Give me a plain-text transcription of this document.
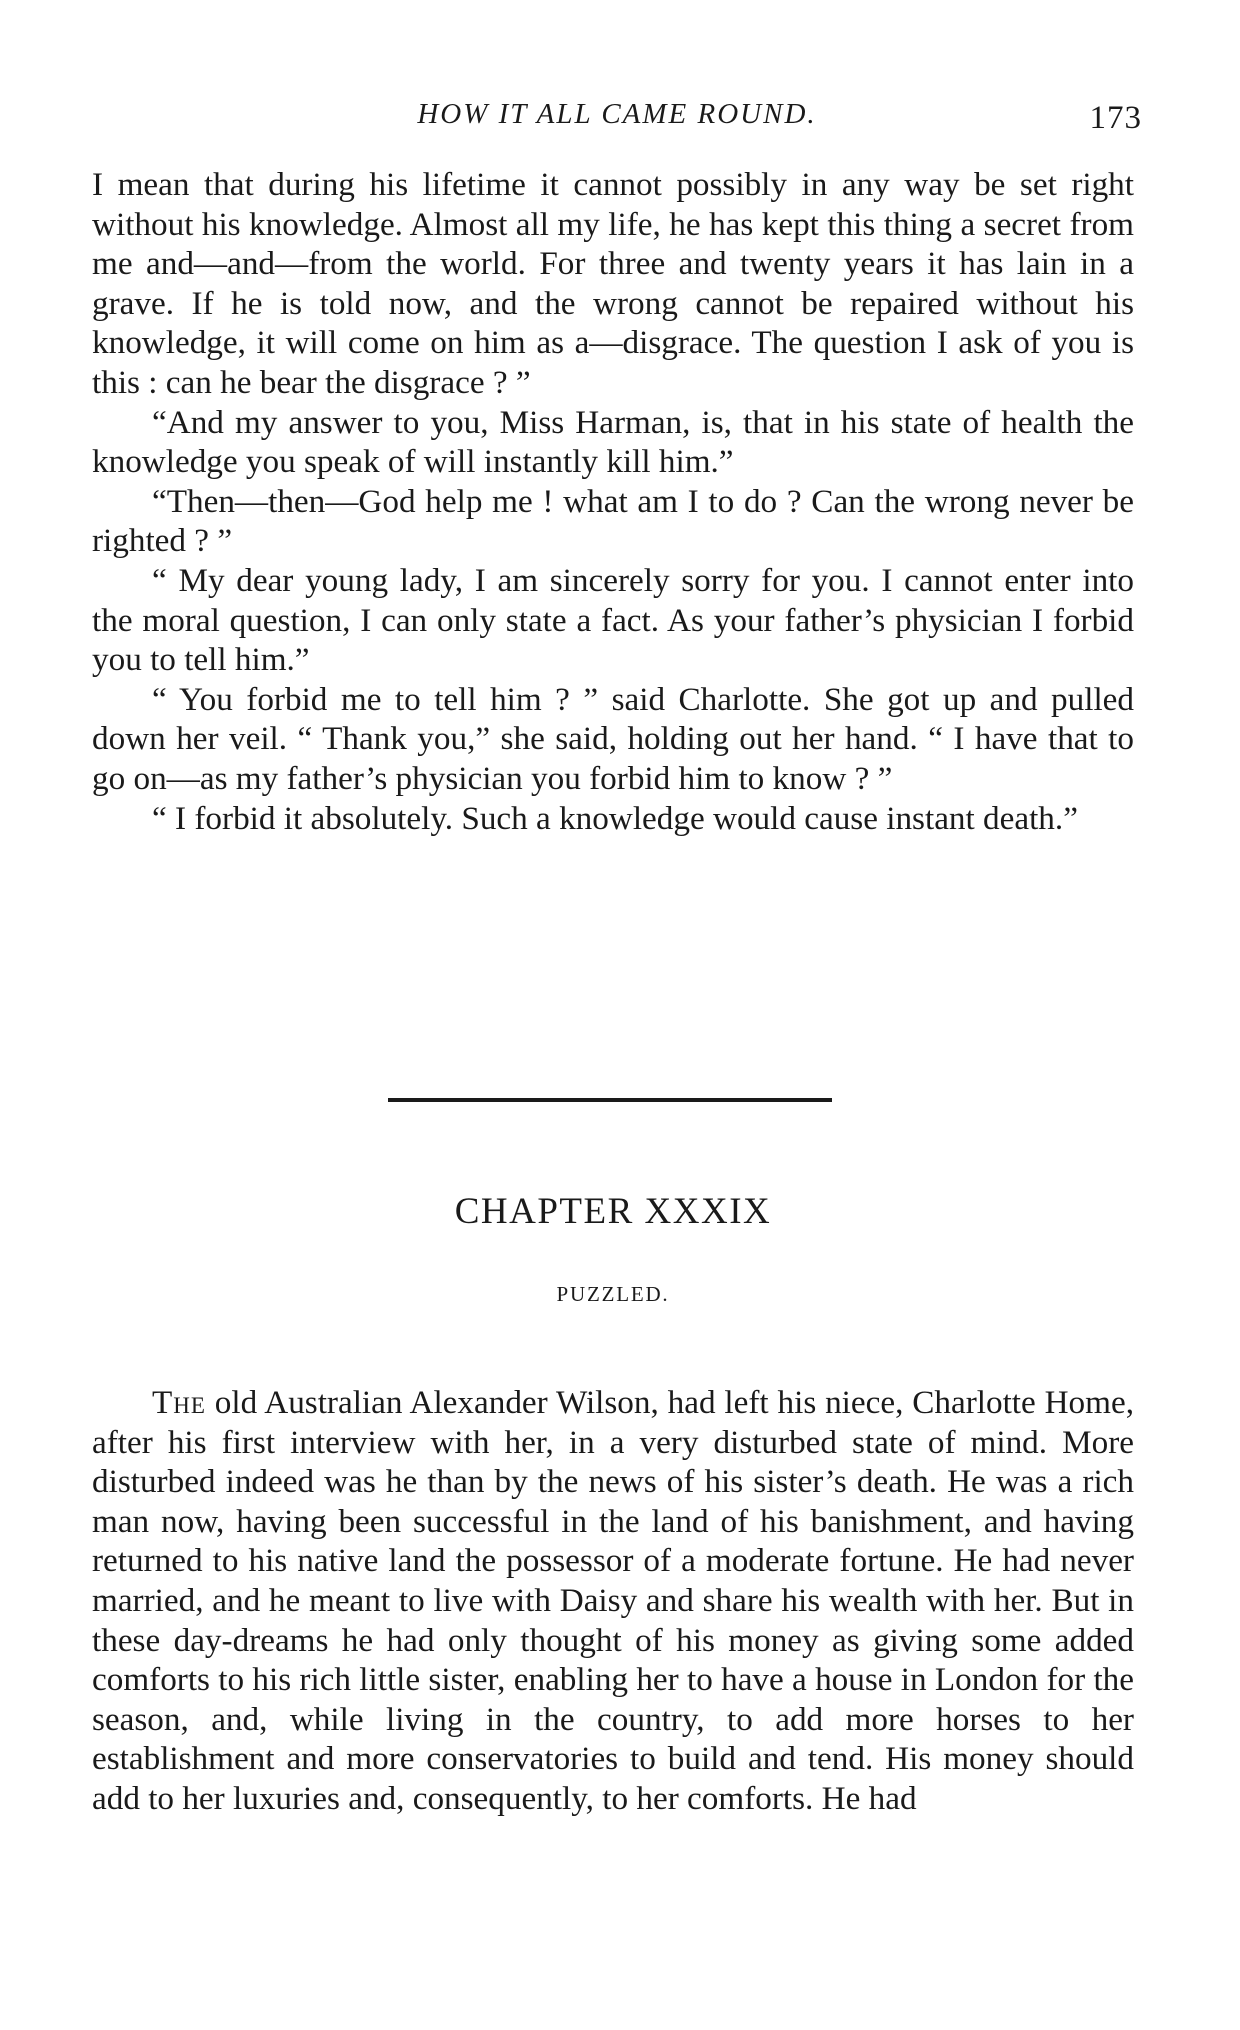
HOW IT ALL CAME ROUND.	173

I mean that during his lifetime it cannot possibly in any way be set right without his knowledge. Almost all my life, he has kept this thing a secret from me and—and—from the world. For three and twenty years it has lain in a grave. If he is told now, and the wrong cannot be repaired without his knowledge, it will come on him as a—disgrace. The question I ask of you is this : can he bear the disgrace ? ”

“And my answer to you, Miss Harman, is, that in his state of health the knowledge you speak of will instantly kill him.”

“Then—then—God help me ! what am I to do ? Can the wrong never be righted ? ”

“ My dear young lady, I am sincerely sorry for you. I cannot enter into the moral question, I can only state a fact. As your father’s physician I forbid you to tell him.”

“ You forbid me to tell him ? ” said Charlotte. She got up and pulled down her veil. “ Thank you,” she said, holding out her hand. “ I have that to go on—as my father’s physician you forbid him to know ? ”

“ I forbid it absolutely. Such a knowledge would cause instant death.”

CHAPTER XXXIX
PUZZLED.

The old Australian Alexander Wilson, had left his niece, Charlotte Home, after his first interview with her, in a very disturbed state of mind. More disturbed indeed was he than by the news of his sister’s death. He was a rich man now, having been successful in the land of his banishment, and having returned to his native land the possessor of a moderate fortune. He had never married, and he meant to live with Daisy and share his wealth with her. But in these day-dreams he had only thought of his money as giving some added comforts to his rich little sister, enabling her to have a house in London for the season, and, while living in the country, to add more horses to her establishment and more conservatories to build and tend. His money should add to her luxuries and, consequently, to her comforts. He had
